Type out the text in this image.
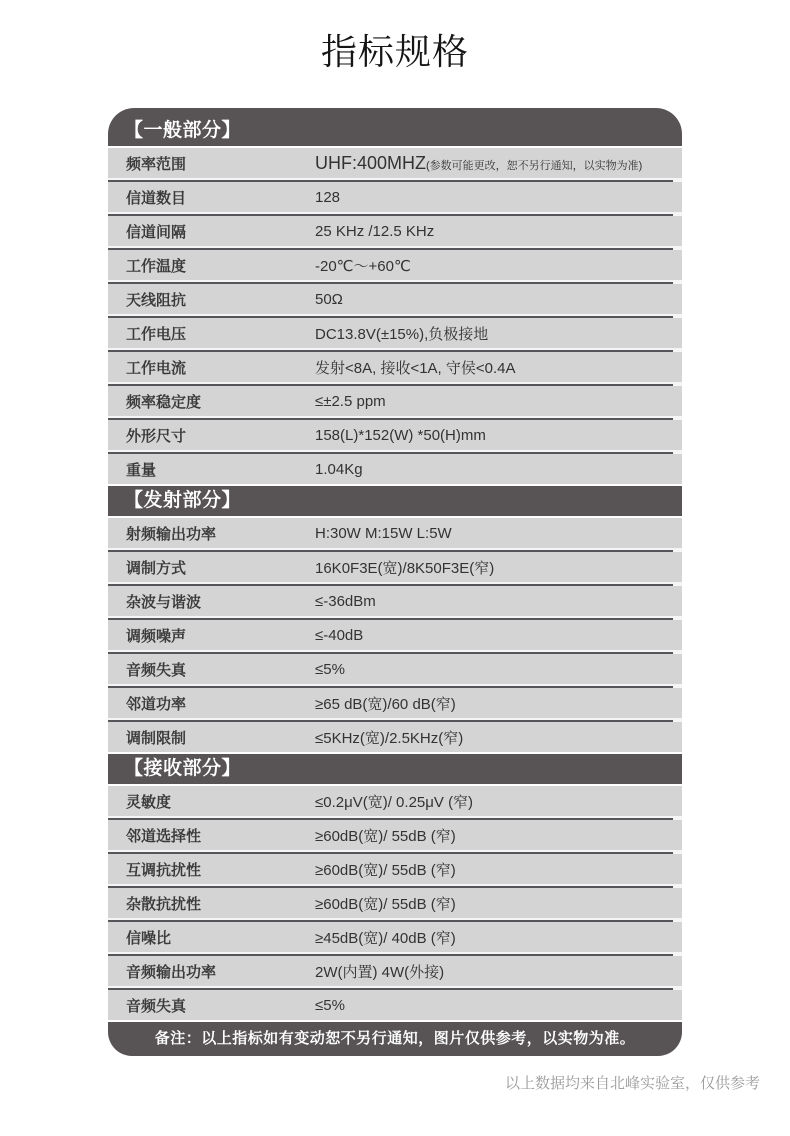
指标规格
【一般部分】
频率范围	UHF:400MHZ(参数可能更改，恕不另行通知，以实物为准)
信道数目	128
信道间隔	25 KHz /12.5 KHz
工作温度	-20℃～+60℃
天线阻抗	50Ω
工作电压	DC13.8V(±15%),负极接地
工作电流	发射<8A, 接收<1A, 守侯<0.4A
频率稳定度	≤±2.5 ppm
外形尺寸	158(L)*152(W) *50(H)mm
重量	1.04Kg
【发射部分】
射频输出功率	H:30W M:15W L:5W
调制方式	16K0F3E(宽)/8K50F3E(窄)
杂波与谐波	≤-36dBm
调频噪声	≤-40dB
音频失真	≤5%
邻道功率	≥65 dB(宽)/60 dB(窄)
调制限制	≤5KHz(宽)/2.5KHz(窄)
【接收部分】
灵敏度	≤0.2μV(宽)/ 0.25μV (窄)
邻道选择性	≥60dB(宽)/ 55dB (窄)
互调抗扰性	≥60dB(宽)/ 55dB (窄)
杂散抗扰性	≥60dB(宽)/ 55dB (窄)
信噪比	≥45dB(宽)/ 40dB (窄)
音频输出功率	2W(内置) 4W(外接)
音频失真	≤5%
备注：以上指标如有变动恕不另行通知，图片仅供参考，以实物为准。
以上数据均来自北峰实验室，仅供参考
